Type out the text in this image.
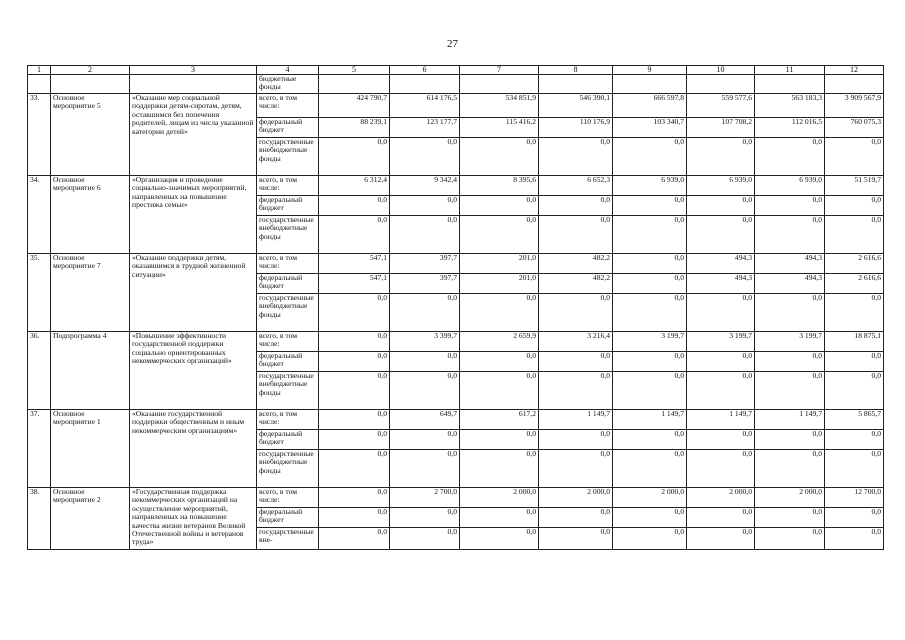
27
1	2	3	4	5	6	7	8	9	10	11	12
			бюджетные фонды								
33.	Основное мероприятие 5	«Оказание мер социальной поддержки детям-сиротам, детям, оставшимся без попечения родителей, лицам из числа указанной категории детей»	всего, в том числе:	424 790,7	614 176,5	534 851,9	546 390,1	666 597,8	559 577,6	563 183,3	3 909 567,9
			федеральный бюджет	88 239,1	123 177,7	115 416,2	110 176,9	103 340,7	107 708,2	112 016,5	760 075,3
			государственные внебюджетные фонды	0,0	0,0	0,0	0,0	0,0	0,0	0,0	0,0
34.	Основное мероприятие 6	«Организация и проведение социально-значимых мероприятий, направленных на повышение престижа семьи»	всего, в том числе:	6 312,4	9 342,4	8 395,6	6 652,3	6 939,0	6 939,0	6 939,0	51 519,7
			федеральный бюджет	0,0	0,0	0,0	0,0	0,0	0,0	0,0	0,0
			государственные внебюджетные фонды	0,0	0,0	0,0	0,0	0,0	0,0	0,0	0,0
35.	Основное мероприятие 7	«Оказание поддержки детям, оказавшимся в трудной жизненной ситуации»	всего, в том числе:	547,1	397,7	201,0	482,2	0,0	494,3	494,3	2 616,6
			федеральный бюджет	547,1	397,7	201,0	482,2	0,0	494,3	494,3	2 616,6
			государственные внебюджетные фонды	0,0	0,0	0,0	0,0	0,0	0,0	0,0	0,0
36.	Подпрограмма 4	«Повышение эффективности государственной поддержки социально ориентированных некоммерческих организаций»	всего, в том числе:	0,0	3 399,7	2 659,9	3 216,4	3 199,7	3 199,7	3 199,7	18 875,1
			федеральный бюджет	0,0	0,0	0,0	0,0	0,0	0,0	0,0	0,0
			государственные внебюджетные фонды	0,0	0,0	0,0	0,0	0,0	0,0	0,0	0,0
37.	Основное мероприятие 1	«Оказание государственной поддержки общественным и иным некоммерческим организациям»	всего, в том числе:	0,0	649,7	617,2	1 149,7	1 149,7	1 149,7	1 149,7	5 865,7
			федеральный бюджет	0,0	0,0	0,0	0,0	0,0	0,0	0,0	0,0
			государственные внебюджетные фонды	0,0	0,0	0,0	0,0	0,0	0,0	0,0	0,0
38.	Основное мероприятие 2	«Государственная поддержка некоммерческих организаций на осуществление мероприятий, направленных на повышение качества жизни ветеранов Великой Отечественной войны и ветеранов труда»	всего, в том числе:	0,0	2 700,0	2 000,0	2 000,0	2 000,0	2 000,0	2 000,0	12 700,0
			федеральный бюджет	0,0	0,0	0,0	0,0	0,0	0,0	0,0	0,0
			государственные вне-	0,0	0,0	0,0	0,0	0,0	0,0	0,0	0,0
